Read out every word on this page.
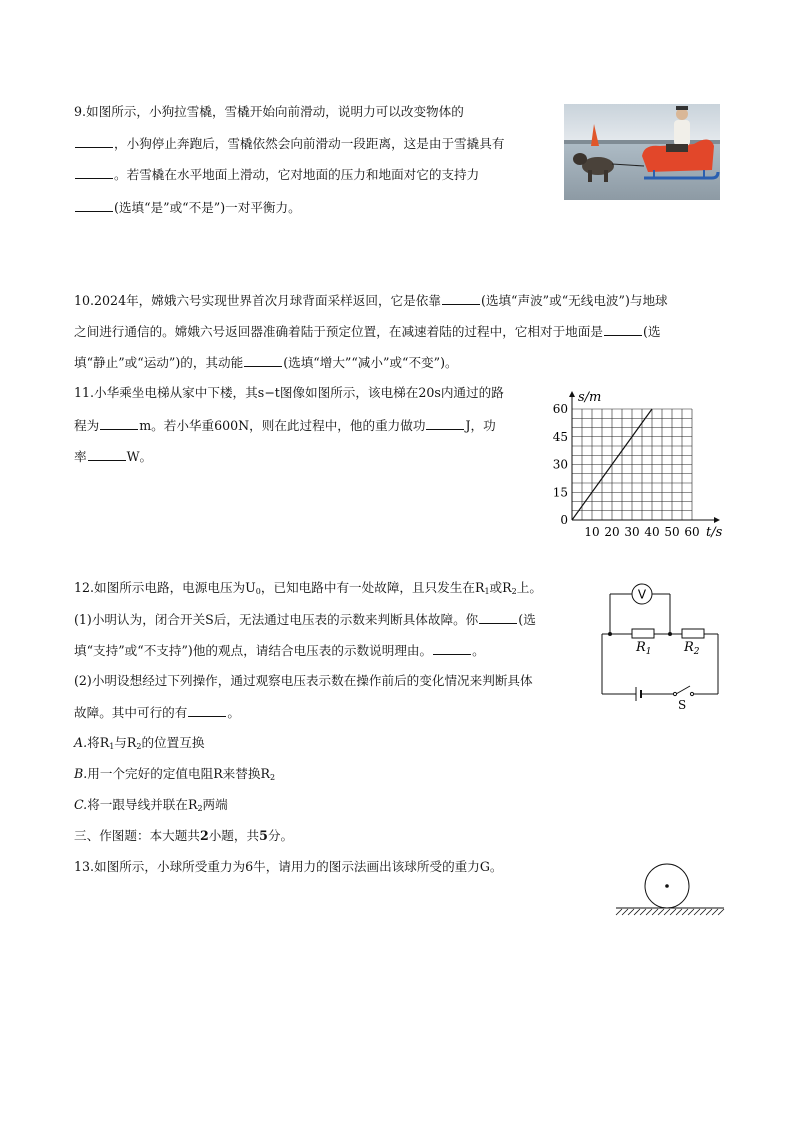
9.如图所示，小狗拉雪橇，雪橇开始向前滑动，说明力可以改变物体的
，小狗停止奔跑后，雪橇依然会向前滑动一段距离，这是由于雪撬具有
。若雪橇在水平地面上滑动，它对地面的压力和地面对它的支持力
(选填“是”或“不是”)一对平衡力。
10.2024年，嫦娥六号实现世界首次月球背面采样返回，它是依靠	(选填“声波”或“无线电波”)与地球
之间进行通信的。嫦娥六号返回器准确着陆于预定位置，在减速着陆的过程中，它相对于地面是	(选
填“静止”或“运动”)的，其动能	(选填“增大”“减小”或“不变”)。
11.小华乘坐电梯从家中下楼，其s−t图像如图所示，该电梯在20s内通过的路
程为	m。若小华重600N，则在此过程中，他的重力做功	J，功
率	W。
10 20 30 40 50 60
0
15
30
45
60
s/m
t/s
12.如图所示电路，电源电压为$U_0$，已知电路中有一处故障，且只发生在$R_1$或$R_2$上。
(1)小明认为，闭合开关S后，无法通过电压表的示数来判断具体故障。你	(选
填“支持”或“不支持”)他的观点，请结合电压表的示数说明理由。	。
(2)小明设想经过下列操作，通过观察电压表示数在操作前后的变化情况来判断具体
故障。其中可行的有	。
A.将$R_1$与$R_2$的位置互换
B.用一个完好的定值电阻R来替换$R_2$
C.将一跟导线并联在$R_2$两端
V
$R_1$ $R_2$
S
三、作图题：本大题共2小题，共5分。
13.如图所示，小球所受重力为6牛，请用力的图示法画出该球所受的重力G。
